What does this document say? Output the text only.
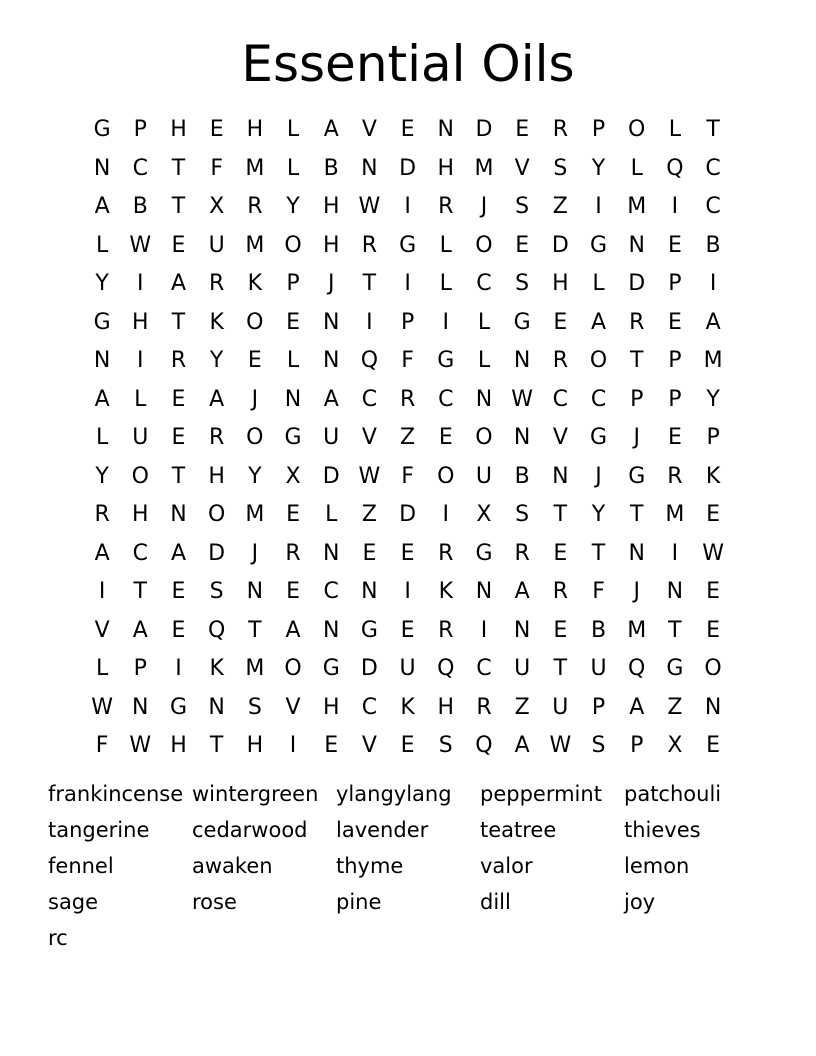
Essential Oils
G	P	H	E	H	L	A	V	E	N D	E	R	P	O	L	T
N	C	T	F	M	L	B	N D H M V	S	Y	L	Q C
A	B	T	X	R	Y	H W	I	R	J	S	Z	I	M	I	C
L W E	U M O H	R	G	L	O	E	D G N	E	B
Y	I	A	R	K	P	J	T	I	L	C	S	H	L	D	P	I
G H	T	K	O	E	N	I	P	I	L	G	E	A	R	E	A
N	I	R	Y	E	L	N Q	F	G	L	N	R O	T	P	M
A	L	E	A	J	N	A	C	R	C	N W C	C	P	P	Y
L	U	E	R O G U	V	Z	E	O N	V	G	J	E	P
Y	O	T	H	Y	X	D W F	O U	B	N	J	G	R	K
R	H N O M E	L	Z	D	I	X	S	T	Y	T M E
A	C	A	D	J	R	N	E	E	R	G	R	E	T	N	I	W
I	T	E	S	N	E	C	N	I	K	N	A	R	F	J	N	E
V	A	E	Q	T	A	N G	E	R	I	N	E	B M T	E
L	P	I	K M O G D U Q C	U	T	U Q G O
W N G N	S	V	H	C	K	H	R	Z	U	P	A	Z	N
F W H	T	H	I	E	V	E	S	Q	A W S	P	X	E
frankincense wintergreen ylangylang	peppermint	patchouli
tangerine	cedarwood	lavender	teatree	thieves
fennel	awaken	thyme	valor	lemon
sage	rose	pine	dill	joy
rc
